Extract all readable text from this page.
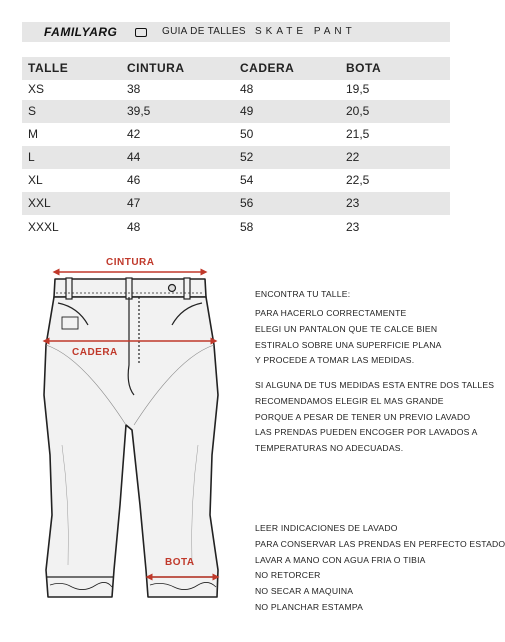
FAMILYARG	GUIA DE TALLES SKATE PANT
TALLE	CINTURA	CADERA	BOTA
XS	38	48	19,5
S	39,5	49	20,5
M	42	50	21,5
L	44	52	22
XL	46	54	22,5
XXL	47	56	23
XXXL	48	58	23
CINTURA
CADERA
BOTA
ENCONTRA TU TALLE:
PARA HACERLO CORRECTAMENTE
ELEGI UN PANTALON QUE TE CALCE BIEN
ESTIRALO SOBRE UNA SUPERFICIE PLANA
Y PROCEDE A TOMAR LAS MEDIDAS.
SI ALGUNA DE TUS MEDIDAS ESTA ENTRE DOS TALLES
RECOMENDAMOS ELEGIR EL MAS GRANDE
PORQUE A PESAR DE TENER UN PREVIO LAVADO
LAS PRENDAS PUEDEN ENCOGER POR LAVADOS A
TEMPERATURAS NO ADECUADAS.
LEER INDICACIONES DE LAVADO
PARA CONSERVAR LAS PRENDAS EN PERFECTO ESTADO
LAVAR A MANO CON AGUA FRIA O TIBIA
NO RETORCER
NO SECAR A MAQUINA
NO PLANCHAR ESTAMPA
